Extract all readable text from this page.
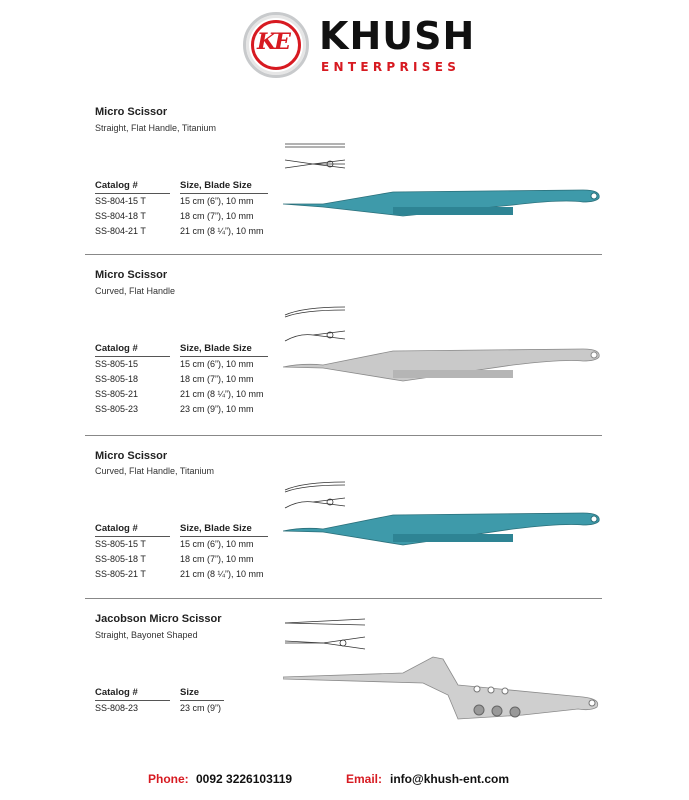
KE KHUSH
ENTERPRISES
Micro Scissor
Straight, Flat Handle, Titanium
Catalog #	Size, Blade Size
SS-804-15 T	15 cm (6”), 10 mm
SS-804-18 T	18 cm (7”), 10 mm
SS-804-21 T	21 cm (8 ¼”), 10 mm
Micro Scissor
Curved, Flat Handle
Catalog #	Size, Blade Size
SS-805-15	15 cm (6”), 10 mm
SS-805-18	18 cm (7”), 10 mm
SS-805-21	21 cm (8 ¼”), 10 mm
SS-805-23	23 cm (9”), 10 mm
Micro Scissor
Curved, Flat Handle, Titanium
Catalog #	Size, Blade Size
SS-805-15 T	15 cm (6”), 10 mm
SS-805-18 T	18 cm (7”), 10 mm
SS-805-21 T	21 cm (8 ¼”), 10 mm
Jacobson Micro Scissor
Straight, Bayonet Shaped
Catalog #	Size
SS-808-23	23 cm (9”)
Phone: 0092 3226103119	Email: info@khush-ent.com
